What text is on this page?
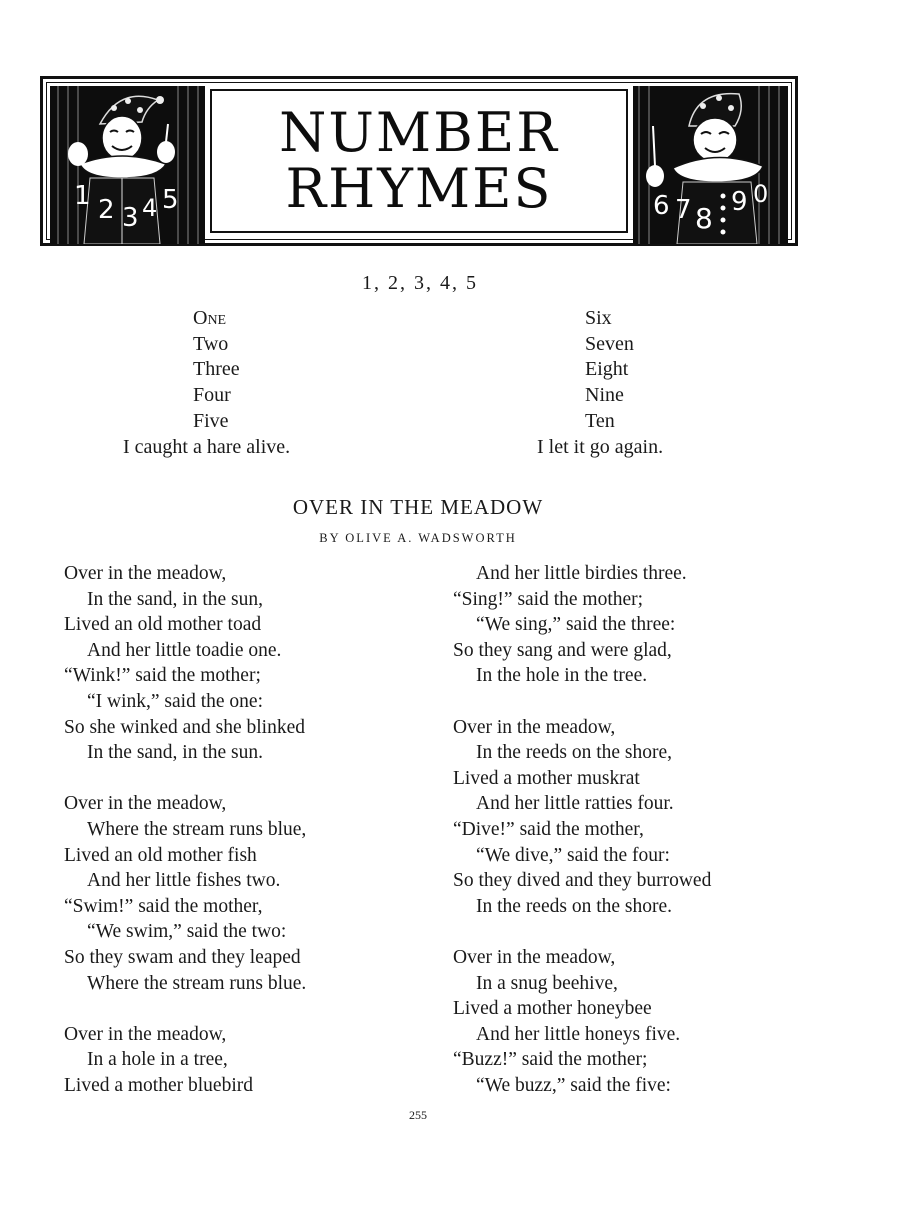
1 2 3 4 5
NUMBER
RHYMES	6 7 8 9 0
1, 2, 3, 4, 5
One
Two
Three
Four
Five
I caught a hare alive.
Six
Seven
Eight
Nine
Ten
I let it go again.
OVER IN THE MEADOW
BY OLIVE A. WADSWORTH
Over in the meadow,
In the sand, in the sun,
Lived an old mother toad
And her little toadie one.
“Wink!” said the mother;
“I wink,” said the one:
So she winked and she blinked
In the sand, in the sun.
Over in the meadow,
Where the stream runs blue,
Lived an old mother fish
And her little fishes two.
“Swim!” said the mother,
“We swim,” said the two:
So they swam and they leaped
Where the stream runs blue.
Over in the meadow,
In a hole in a tree,
Lived a mother bluebird
And her little birdies three.
“Sing!” said the mother;
“We sing,” said the three:
So they sang and were glad,
In the hole in the tree.
Over in the meadow,
In the reeds on the shore,
Lived a mother muskrat
And her little ratties four.
“Dive!” said the mother,
“We dive,” said the four:
So they dived and they burrowed
In the reeds on the shore.
Over in the meadow,
In a snug beehive,
Lived a mother honeybee
And her little honeys five.
“Buzz!” said the mother;
“We buzz,” said the five:
255
